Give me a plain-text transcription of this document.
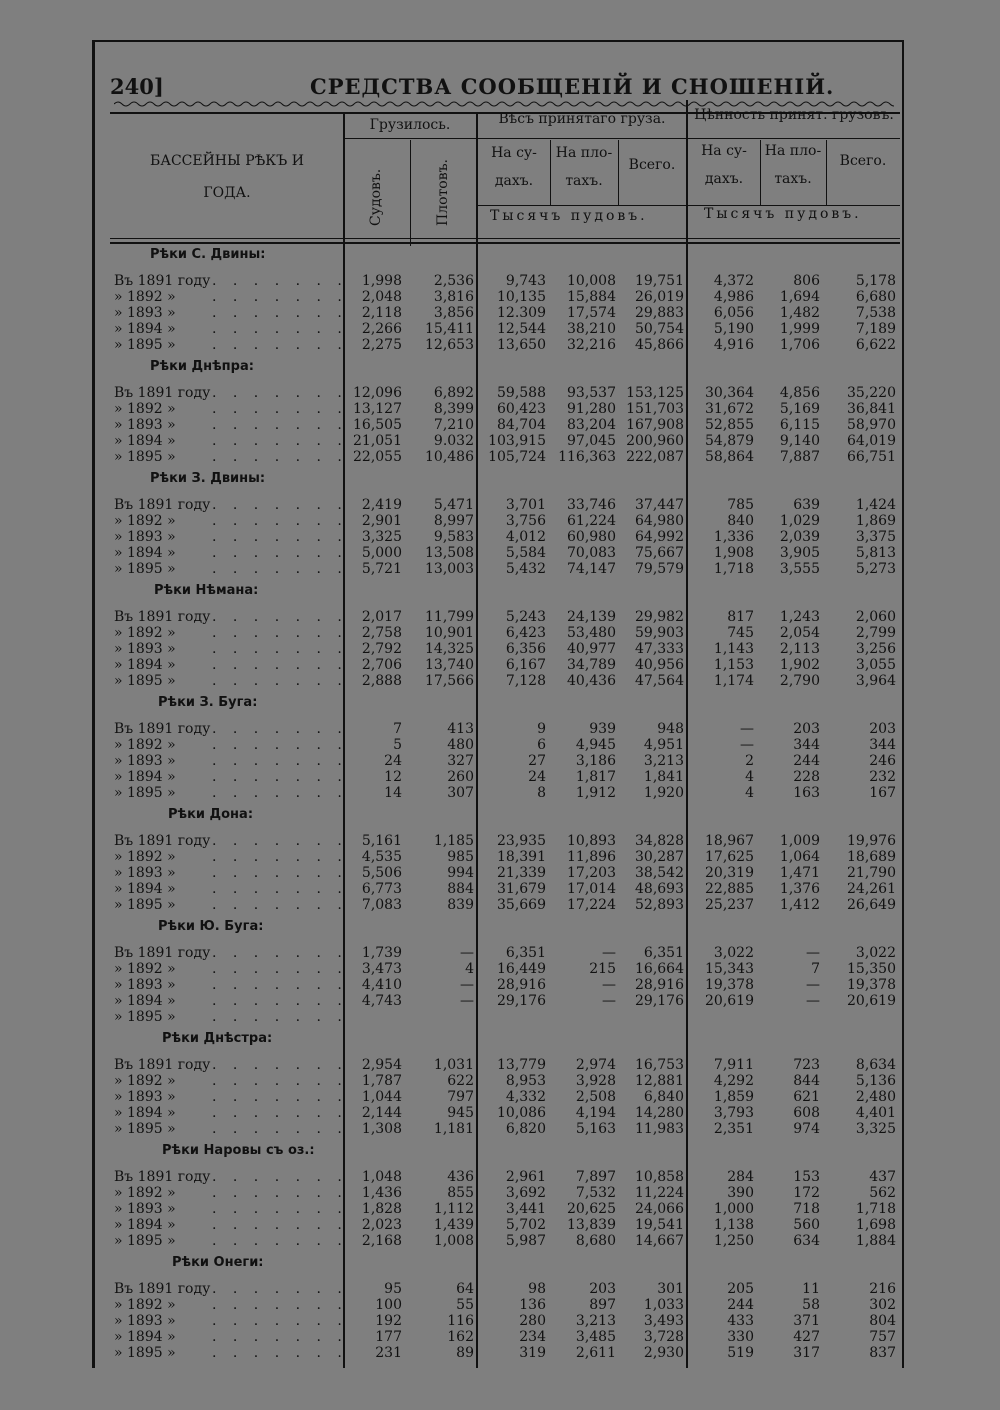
240]	СРЕДСТВА СООБЩЕНІЙ И СНОШЕНІЙ.
БАССЕЙНЫ РѢКЪ И
ГОДА.
Грузилось.	Вѣсъ принятаго груза.	Цѣнность принят. грузовъ.
Судовъ.	Плотовъ.
На су-
дахъ.
На пло-
тахъ.
Всего.
На су-
дахъ.
На пло-
тахъ.
Всего.
Тысячъ пудовъ.	Тысячъ пудовъ.
Рѣки С. Двины:
Въ 1891 году . . . . . . .	1,998	2,536	9,743	10,008	19,751	4,372	806	5,178
» 1892 »	. . . . . . .	2,048	3,816	10,135	15,884	26,019	4,986	1,694	6,680
» 1893 »	. . . . . . .	2,118	3,856	12.309	17,574	29,883	6,056	1,482	7,538
» 1894 »	. . . . . . .	2,266	15,411	12,544	38,210	50,754	5,190	1,999	7,189
» 1895 »	. . . . . . .	2,275	12,653	13,650	32,216	45,866	4,916	1,706	6,622
Рѣки Днѣпра:
Въ 1891 году . . . . . . . 12,096	6,892	59,588	93,537 153,125	30,364	4,856	35,220
» 1892 »	. . . . . . . 13,127	8,399	60,423	91,280 151,703	31,672	5,169	36,841
» 1893 »	. . . . . . . 16,505	7,210	84,704	83,204 167,908	52,855	6,115	58,970
» 1894 »	. . . . . . . 21,051	9.032	103,915	97,045 200,960	54,879	9,140	64,019
» 1895 »	. . . . . . . 22,055	10,486	105,724 116,363 222,087	58,864	7,887	66,751
Рѣки З. Двины:
Въ 1891 году . . . . . . .	2,419	5,471	3,701	33,746	37,447	785	639	1,424
» 1892 »	. . . . . . .	2,901	8,997	3,756	61,224	64,980	840	1,029	1,869
» 1893 »	. . . . . . .	3,325	9,583	4,012	60,980	64,992	1,336	2,039	3,375
» 1894 »	. . . . . . .	5,000	13,508	5,584	70,083	75,667	1,908	3,905	5,813
» 1895 »	. . . . . . .	5,721	13,003	5,432	74,147	79,579	1,718	3,555	5,273
Рѣки Нѣмана:
Въ 1891 году . . . . . . .	2,017	11,799	5,243	24,139	29,982	817	1,243	2,060
» 1892 »	. . . . . . .	2,758	10,901	6,423	53,480	59,903	745	2,054	2,799
» 1893 »	. . . . . . .	2,792	14,325	6,356	40,977	47,333	1,143	2,113	3,256
» 1894 »	. . . . . . .	2,706	13,740	6,167	34,789	40,956	1,153	1,902	3,055
» 1895 »	. . . . . . .	2,888	17,566	7,128	40,436	47,564	1,174	2,790	3,964
Рѣки З. Буга:
Въ 1891 году . . . . . . .	7	413	9	939	948	—	203	203
» 1892 »	. . . . . . .	5	480	6	4,945	4,951	—	344	344
» 1893 »	. . . . . . .	24	327	27	3,186	3,213	2	244	246
» 1894 »	. . . . . . .	12	260	24	1,817	1,841	4	228	232
» 1895 »	. . . . . . .	14	307	8	1,912	1,920	4	163	167
Рѣки Дона:
Въ 1891 году . . . . . . .	5,161	1,185	23,935	10,893	34,828	18,967	1,009	19,976
» 1892 »	. . . . . . .	4,535	985	18,391	11,896	30,287	17,625	1,064	18,689
» 1893 »	. . . . . . .	5,506	994	21,339	17,203	38,542	20,319	1,471	21,790
» 1894 »	. . . . . . .	6,773	884	31,679	17,014	48,693	22,885	1,376	24,261
» 1895 »	. . . . . . .	7,083	839	35,669	17,224	52,893	25,237	1,412	26,649
Рѣки Ю. Буга:
Въ 1891 году . . . . . . .	1,739	—	6,351	—	6,351	3,022	—	3,022
» 1892 »	. . . . . . .	3,473	4	16,449	215	16,664	15,343	7	15,350
» 1893 »	. . . . . . .	4,410	—	28,916	—	28,916	19,378	—	19,378
» 1894 »	. . . . . . .	4,743	—	29,176	—	29,176	20,619	—	20,619
» 1895 »	. . . . . . .
Рѣки Днѣстра:
Въ 1891 году . . . . . . .	2,954	1,031	13,779	2,974	16,753	7,911	723	8,634
» 1892 »	. . . . . . .	1,787	622	8,953	3,928	12,881	4,292	844	5,136
» 1893 »	. . . . . . .	1,044	797	4,332	2,508	6,840	1,859	621	2,480
» 1894 »	. . . . . . .	2,144	945	10,086	4,194	14,280	3,793	608	4,401
» 1895 »	. . . . . . .	1,308	1,181	6,820	5,163	11,983	2,351	974	3,325
Рѣки Наровы съ оз.:
Въ 1891 году . . . . . . .	1,048	436	2,961	7,897	10,858	284	153	437
» 1892 »	. . . . . . .	1,436	855	3,692	7,532	11,224	390	172	562
» 1893 »	. . . . . . .	1,828	1,112	3,441	20,625	24,066	1,000	718	1,718
» 1894 »	. . . . . . .	2,023	1,439	5,702	13,839	19,541	1,138	560	1,698
» 1895 »	. . . . . . .	2,168	1,008	5,987	8,680	14,667	1,250	634	1,884
Рѣки Онеги:
Въ 1891 году . . . . . . .	95	64	98	203	301	205	11	216
» 1892 »	. . . . . . .	100	55	136	897	1,033	244	58	302
» 1893 »	. . . . . . .	192	116	280	3,213	3,493	433	371	804
» 1894 »	. . . . . . .	177	162	234	3,485	3,728	330	427	757
» 1895 »	. . . . . . .	231	89	319	2,611	2,930	519	317	837
